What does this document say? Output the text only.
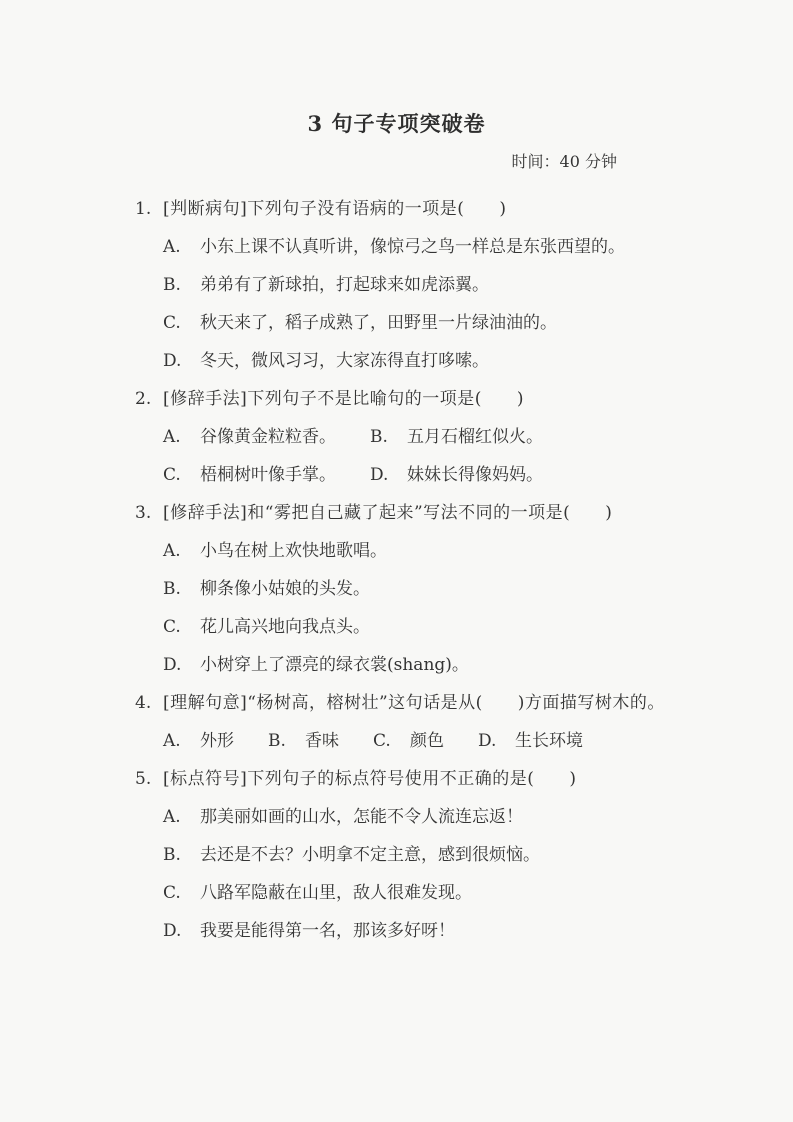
3 句子专项突破卷
时间：40 分钟
1. [判断病句]下列句子没有语病的一项是(　　)
A.	小东上课不认真听讲，像惊弓之鸟一样总是东张西望的。
B.	弟弟有了新球拍，打起球来如虎添翼。
C.	秋天来了，稻子成熟了，田野里一片绿油油的。
D.	冬天，微风习习，大家冻得直打哆嗦。
2. [修辞手法]下列句子不是比喻句的一项是(　　)
A.	谷像黄金粒粒香。 B.	五月石榴红似火。
C.	梧桐树叶像手掌。 D.	妹妹长得像妈妈。
3. [修辞手法]和“雾把自己藏了起来”写法不同的一项是(　　)
A.	小鸟在树上欢快地歌唱。
B.	柳条像小姑娘的头发。
C.	花儿高兴地向我点头。
D.	小树穿上了漂亮的绿衣裳(shang)。
4. [理解句意]“杨树高，榕树壮”这句话是从(　　)方面描写树木的。
A.	外形 B.	香味 C.	颜色 D.	生长环境
5. [标点符号]下列句子的标点符号使用不正确的是(　　)
A.	那美丽如画的山水，怎能不令人流连忘返！
B.	去还是不去？小明拿不定主意，感到很烦恼。
C.	八路军隐蔽在山里，敌人很难发现。
D.	我要是能得第一名，那该多好呀！
